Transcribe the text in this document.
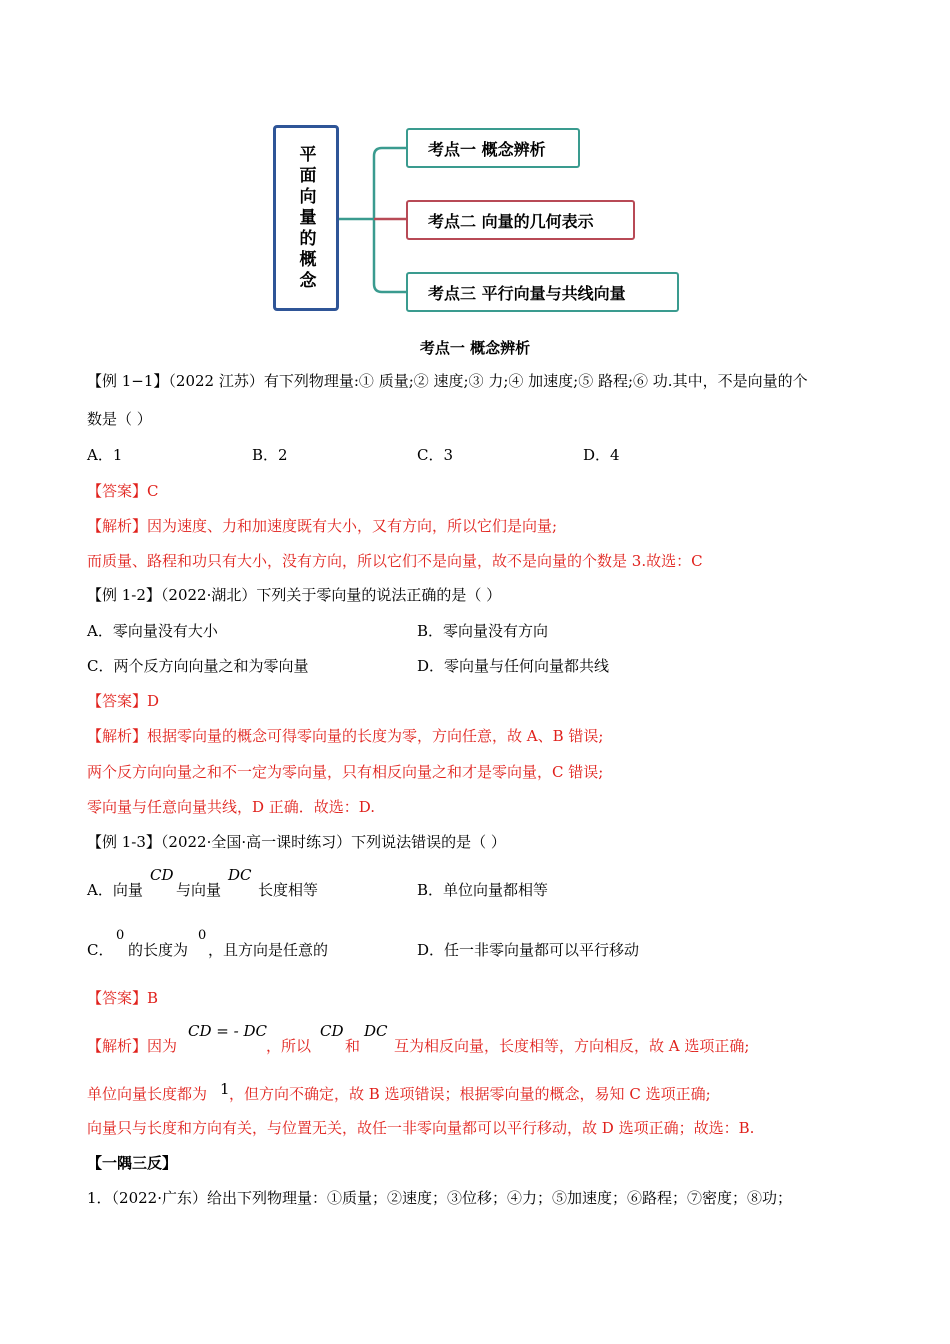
平面向量的概念	考点一 概念辨析
考点二 向量的几何表示
考点三 平行向量与共线向量
考点一 概念辨析
【例 1−1】（2022 江苏）有下列物理量:① 质量;② 速度;③ 力;④ 加速度;⑤ 路程;⑥ 功.其中，不是向量的个
数是（ ）
A．1	B．2	C．3	D．4
【答案】C
【解析】因为速度、力和加速度既有大小，又有方向，所以它们是向量;
而质量、路程和功只有大小，没有方向，所以它们不是向量，故不是向量的个数是 3.故选：C
【例 1-2】（2022·湖北）下列关于零向量的说法正确的是（ ）
A．零向量没有大小	B．零向量没有方向
C．两个反方向向量之和为零向量	D．零向量与任何向量都共线
【答案】D
【解析】根据零向量的概念可得零向量的长度为零，方向任意，故 A、B 错误;
两个反方向向量之和不一定为零向量，只有相反向量之和才是零向量，C 错误;
零向量与任意向量共线，D 正确．故选：D.
【例 1-3】（2022·全国·高一课时练习）下列说法错误的是（ ）
A．向量
CD
与向量
DC
长度相等	B．单位向量都相等
C．
0
的长度为
0
，且方向是任意的	D．任一非零向量都可以平行移动
【答案】B
【解析】因为
CD = - DC
，所以
CD
和
DC
互为相反向量，长度相等，方向相反，故 A 选项正确;
单位向量长度都为 1 ，但方向不确定，故 B 选项错误；根据零向量的概念，易知 C 选项正确;
向量只与长度和方向有关，与位置无关，故任一非零向量都可以平行移动，故 D 选项正确；故选：B.
【一隅三反】
1．（2022·广东）给出下列物理量：①质量；②速度；③位移；④力；⑤加速度；⑥路程；⑦密度；⑧功；
